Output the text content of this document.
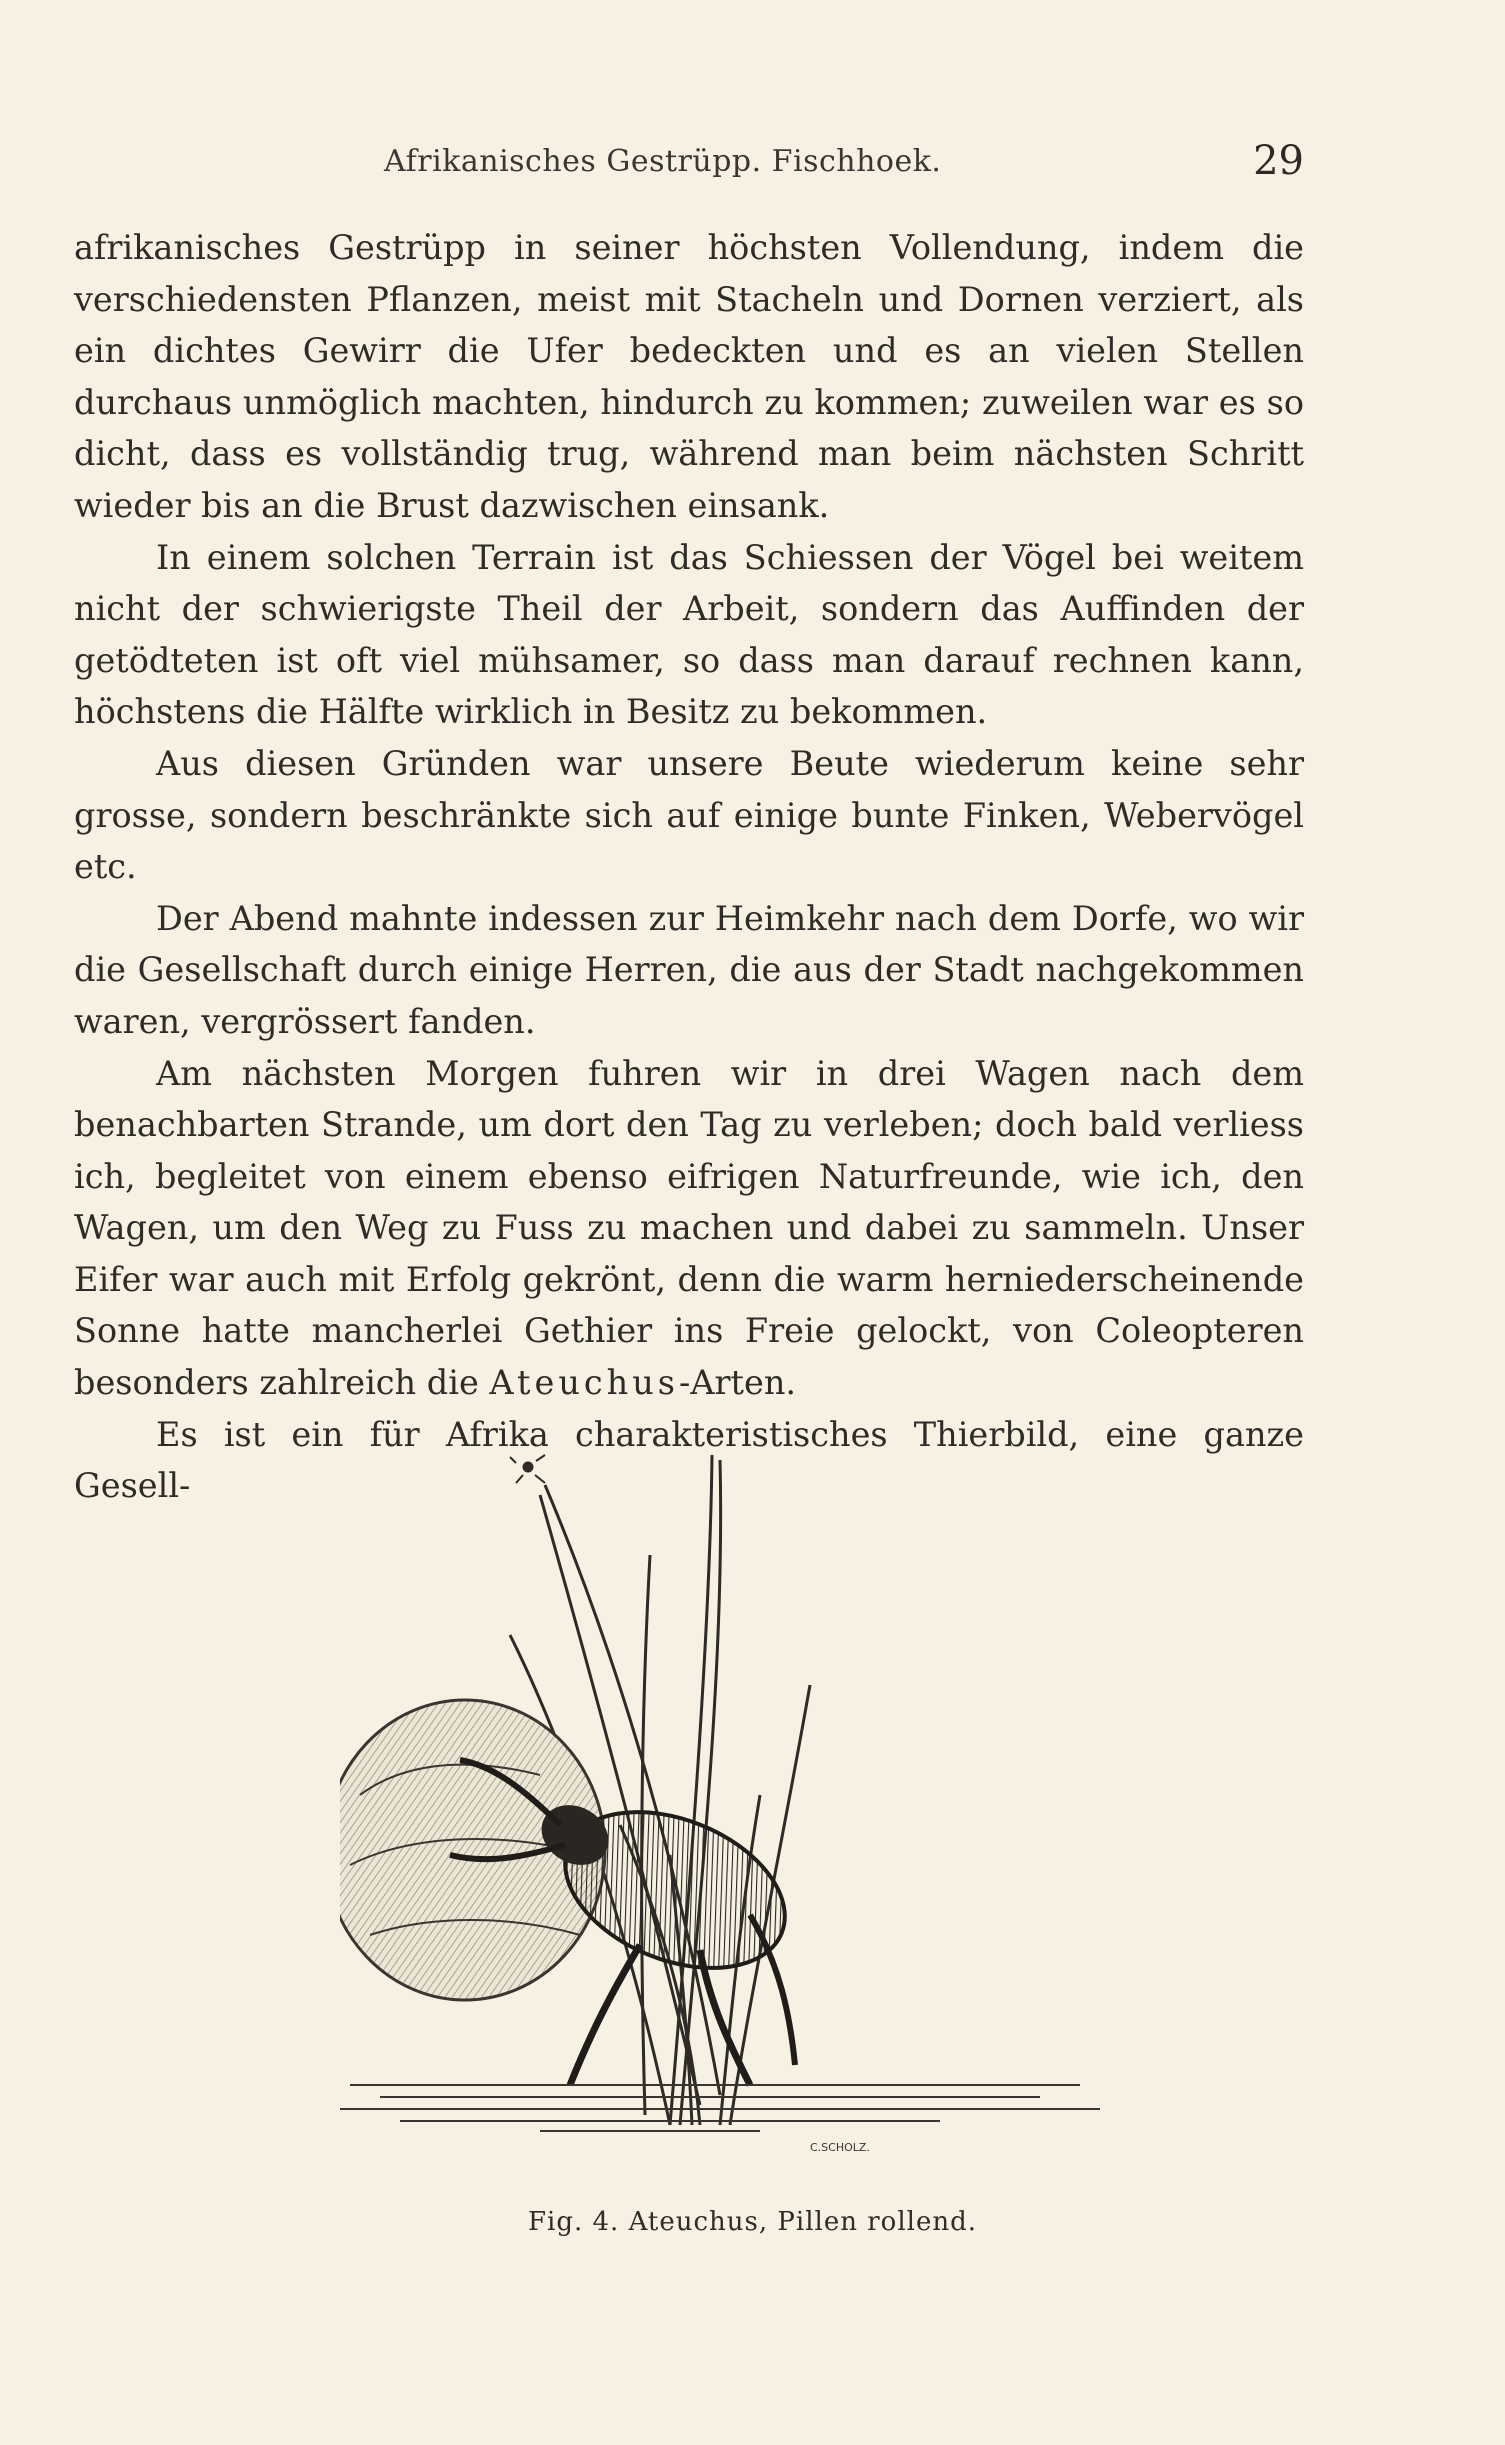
Afrikanisches Gestrüpp. Fischhoek.	29

afrikanisches Gestrüpp in seiner höchsten Vollendung, indem die verschiedensten Pflanzen, meist mit Stacheln und Dornen verziert, als ein dichtes Gewirr die Ufer bedeckten und es an vielen Stellen durchaus unmöglich machten, hindurch zu kommen; zuweilen war es so dicht, dass es vollständig trug, während man beim nächsten Schritt wieder bis an die Brust dazwischen einsank.

In einem solchen Terrain ist das Schiessen der Vögel bei weitem nicht der schwierigste Theil der Arbeit, sondern das Auffinden der getödteten ist oft viel mühsamer, so dass man darauf rechnen kann, höchstens die Hälfte wirklich in Besitz zu bekommen.

Aus diesen Gründen war unsere Beute wiederum keine sehr grosse, sondern beschränkte sich auf einige bunte Finken, Webervögel etc.

Der Abend mahnte indessen zur Heimkehr nach dem Dorfe, wo wir die Gesellschaft durch einige Herren, die aus der Stadt nachgekommen waren, vergrössert fanden.

Am nächsten Morgen fuhren wir in drei Wagen nach dem benachbarten Strande, um dort den Tag zu verleben; doch bald verliess ich, begleitet von einem ebenso eifrigen Naturfreunde, wie ich, den Wagen, um den Weg zu Fuss zu machen und dabei zu sammeln. Unser Eifer war auch mit Erfolg gekrönt, denn die warm herniederscheinende Sonne hatte mancherlei Gethier ins Freie gelockt, von Coleopteren besonders zahlreich die Ateuchus-Arten.

Es ist ein für Afrika charakteristisches Thierbild, eine ganze Gesell-

C.SCHOLZ.
Fig. 4. Ateuchus, Pillen rollend.
